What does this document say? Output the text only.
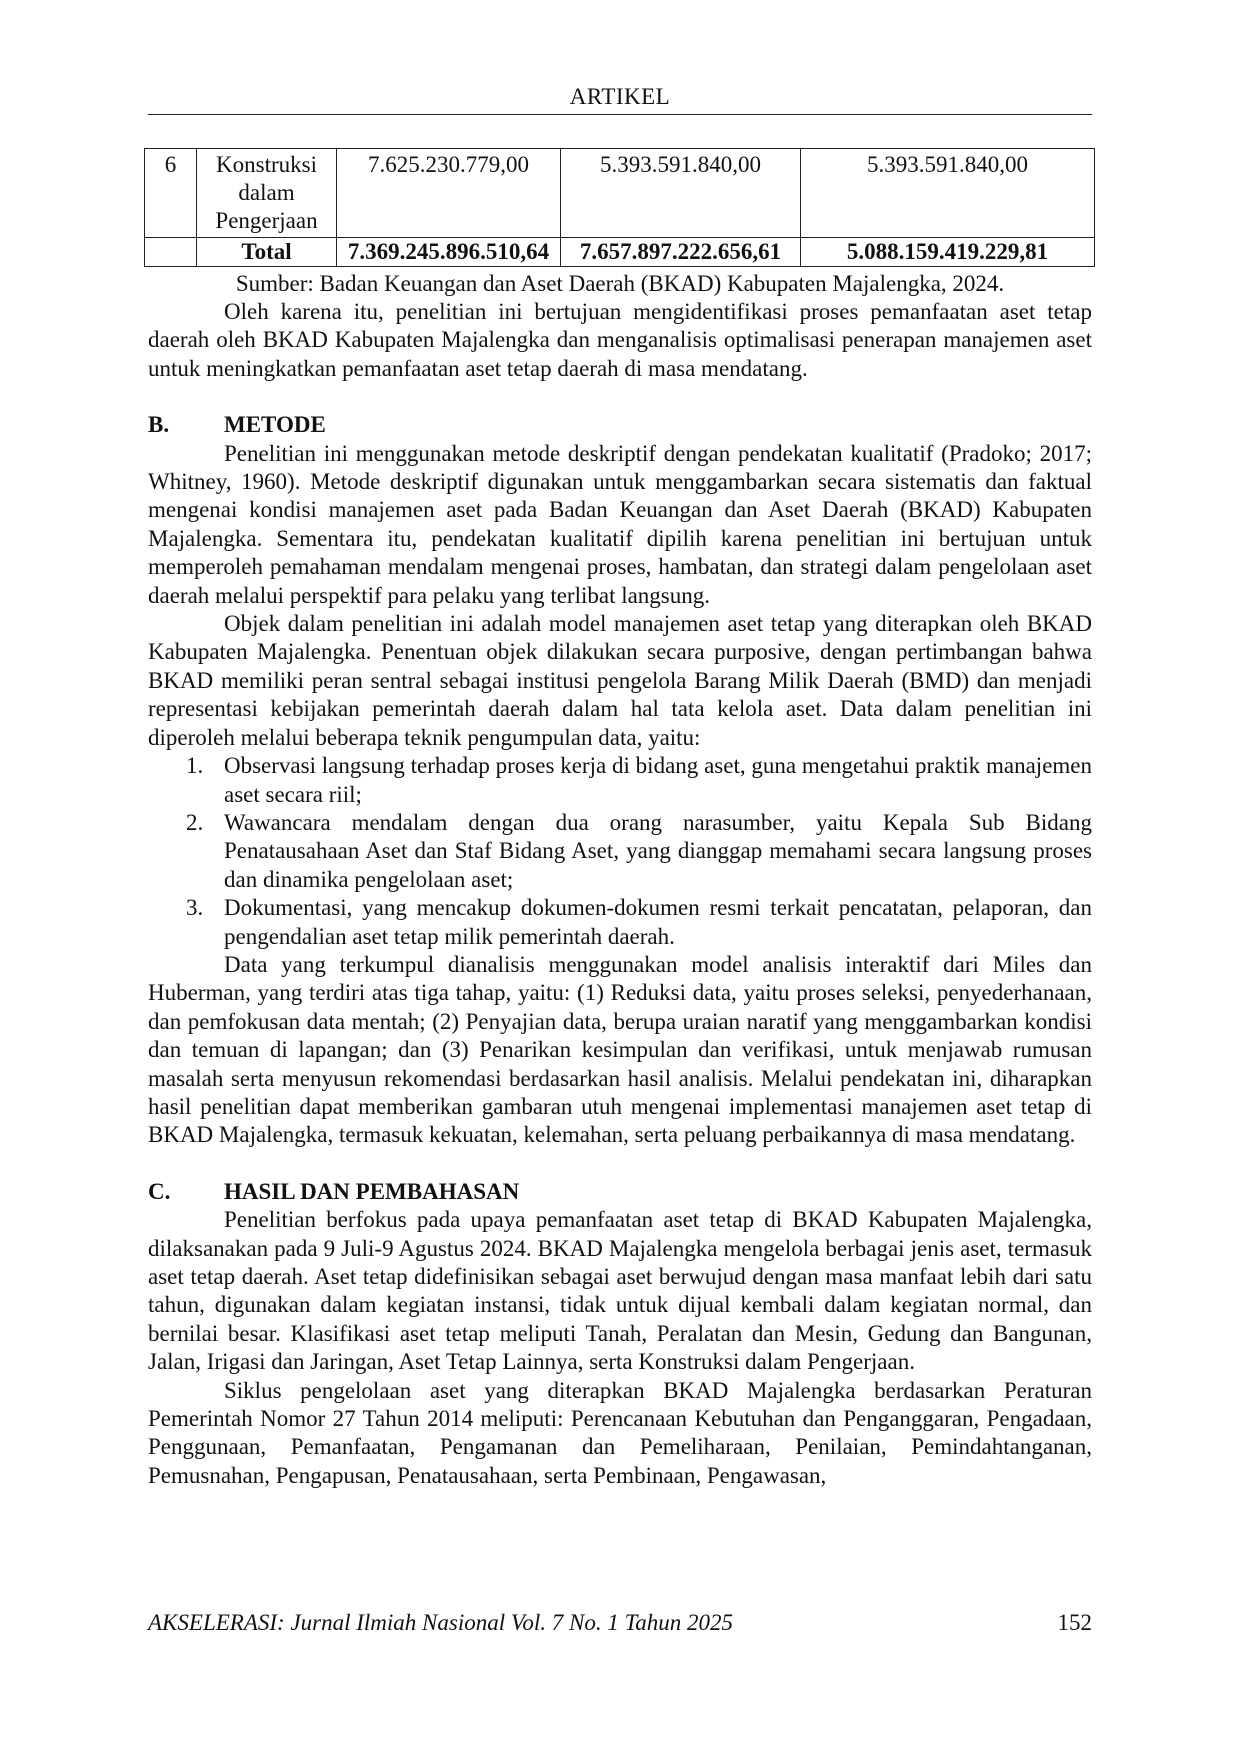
ARTIKEL
6	Konstruksi dalam Pengerjaan	7.625.230.779,00	5.393.591.840,00	5.393.591.840,00
	Total	7.369.245.896.510,64	7.657.897.222.656,61	5.088.159.419.229,81
Sumber: Badan Keuangan dan Aset Daerah (BKAD) Kabupaten Majalengka, 2024.

Oleh karena itu, penelitian ini bertujuan mengidentifikasi proses pemanfaatan aset tetap daerah oleh BKAD Kabupaten Majalengka dan menganalisis optimalisasi penerapan manajemen aset untuk meningkatkan pemanfaatan aset tetap daerah di masa mendatang.

B.	METODE

Penelitian ini menggunakan metode deskriptif dengan pendekatan kualitatif (Pradoko; 2017; Whitney, 1960). Metode deskriptif digunakan untuk menggambarkan secara sistematis dan faktual mengenai kondisi manajemen aset pada Badan Keuangan dan Aset Daerah (BKAD) Kabupaten Majalengka. Sementara itu, pendekatan kualitatif dipilih karena penelitian ini bertujuan untuk memperoleh pemahaman mendalam mengenai proses, hambatan, dan strategi dalam pengelolaan aset daerah melalui perspektif para pelaku yang terlibat langsung.

Objek dalam penelitian ini adalah model manajemen aset tetap yang diterapkan oleh BKAD Kabupaten Majalengka. Penentuan objek dilakukan secara purposive, dengan pertimbangan bahwa BKAD memiliki peran sentral sebagai institusi pengelola Barang Milik Daerah (BMD) dan menjadi representasi kebijakan pemerintah daerah dalam hal tata kelola aset. Data dalam penelitian ini diperoleh melalui beberapa teknik pengumpulan data, yaitu:

1. Observasi langsung terhadap proses kerja di bidang aset, guna mengetahui praktik manajemen aset secara riil;
2. Wawancara mendalam dengan dua orang narasumber, yaitu Kepala Sub Bidang Penatausahaan Aset dan Staf Bidang Aset, yang dianggap memahami secara langsung proses dan dinamika pengelolaan aset;
3. Dokumentasi, yang mencakup dokumen-dokumen resmi terkait pencatatan, pelaporan, dan pengendalian aset tetap milik pemerintah daerah.

Data yang terkumpul dianalisis menggunakan model analisis interaktif dari Miles dan Huberman, yang terdiri atas tiga tahap, yaitu: (1) Reduksi data, yaitu proses seleksi, penyederhanaan, dan pemfokusan data mentah; (2) Penyajian data, berupa uraian naratif yang menggambarkan kondisi dan temuan di lapangan; dan (3) Penarikan kesimpulan dan verifikasi, untuk menjawab rumusan masalah serta menyusun rekomendasi berdasarkan hasil analisis. Melalui pendekatan ini, diharapkan hasil penelitian dapat memberikan gambaran utuh mengenai implementasi manajemen aset tetap di BKAD Majalengka, termasuk kekuatan, kelemahan, serta peluang perbaikannya di masa mendatang.

C.	HASIL DAN PEMBAHASAN

Penelitian berfokus pada upaya pemanfaatan aset tetap di BKAD Kabupaten Majalengka, dilaksanakan pada 9 Juli-9 Agustus 2024. BKAD Majalengka mengelola berbagai jenis aset, termasuk aset tetap daerah. Aset tetap didefinisikan sebagai aset berwujud dengan masa manfaat lebih dari satu tahun, digunakan dalam kegiatan instansi, tidak untuk dijual kembali dalam kegiatan normal, dan bernilai besar. Klasifikasi aset tetap meliputi Tanah, Peralatan dan Mesin, Gedung dan Bangunan, Jalan, Irigasi dan Jaringan, Aset Tetap Lainnya, serta Konstruksi dalam Pengerjaan.

Siklus pengelolaan aset yang diterapkan BKAD Majalengka berdasarkan Peraturan Pemerintah Nomor 27 Tahun 2014 meliputi: Perencanaan Kebutuhan dan Penganggaran, Pengadaan, Penggunaan, Pemanfaatan, Pengamanan dan Pemeliharaan, Penilaian, Pemindahtanganan, Pemusnahan, Pengapusan, Penatausahaan, serta Pembinaan, Pengawasan,

AKSELERASI: Jurnal Ilmiah Nasional Vol. 7 No. 1 Tahun 2025	152
